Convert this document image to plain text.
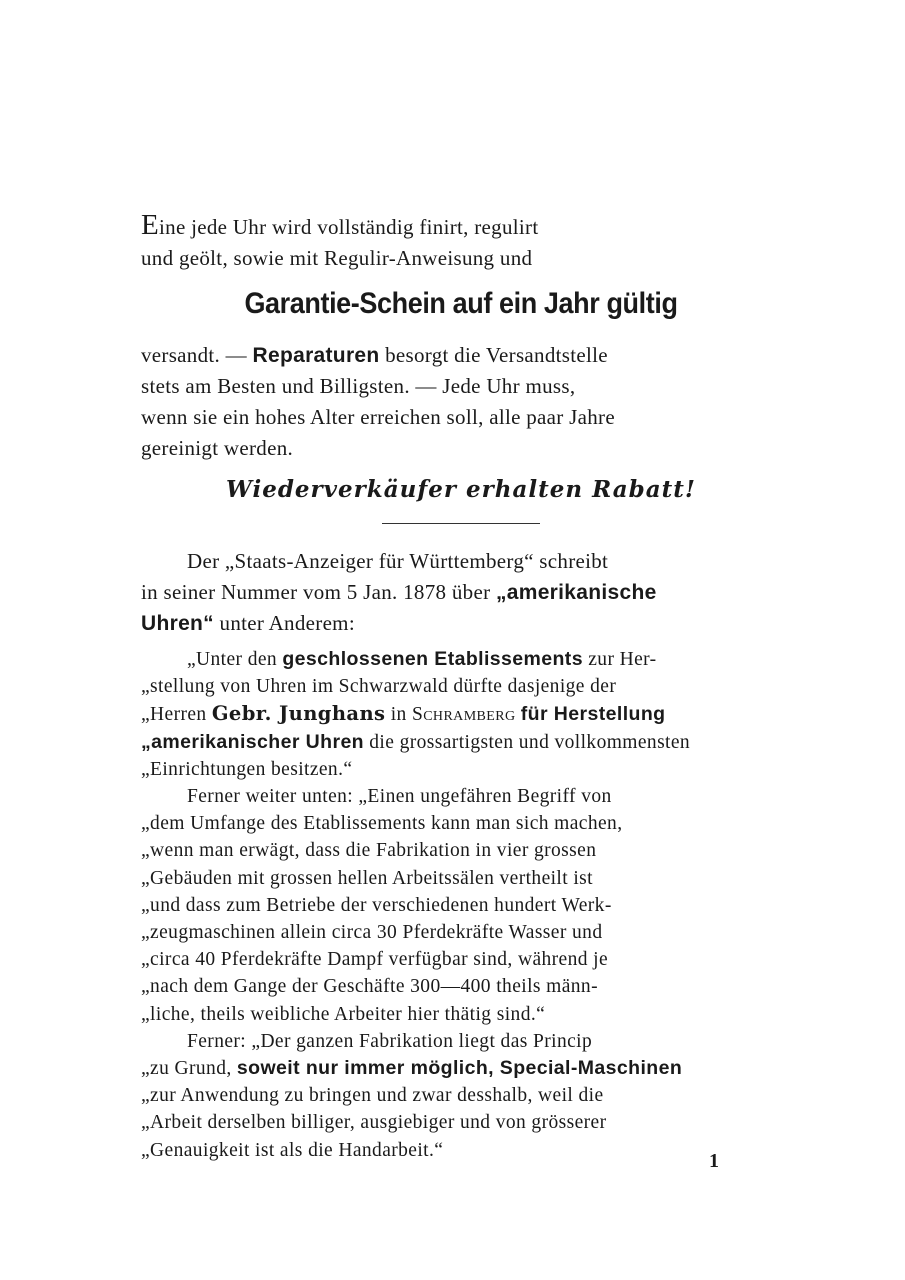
Eine jede Uhr wird vollständig finirt, regulirt
und geölt, sowie mit Regulir-Anweisung und
Garantie-Schein auf ein Jahr gültig
versandt. — Reparaturen besorgt die Versandtstelle
stets am Besten und Billigsten. — Jede Uhr muss,
wenn sie ein hohes Alter erreichen soll, alle paar Jahre
gereinigt werden.
Wiederverkäufer erhalten Rabatt!
Der „Staats-Anzeiger für Württemberg“ schreibt
in seiner Nummer vom 5 Jan. 1878 über „amerikanische
Uhren“ unter Anderem:

„Unter den geschlossenen Etablissements zur Her-
„stellung von Uhren im Schwarzwald dürfte dasjenige der
„Herren Gebr. Junghans in Schramberg für Herstellung
„amerikanischer Uhren die grossartigsten und vollkommensten
„Einrichtungen besitzen.“

Ferner weiter unten: „Einen ungefähren Begriff von
„dem Umfange des Etablissements kann man sich machen,
„wenn man erwägt, dass die Fabrikation in vier grossen
„Gebäuden mit grossen hellen Arbeitssälen vertheilt ist
„und dass zum Betriebe der verschiedenen hundert Werk-
„zeugmaschinen allein circa 30 Pferdekräfte Wasser und
„circa 40 Pferdekräfte Dampf verfügbar sind, während je
„nach dem Gange der Geschäfte 300—400 theils männ-
„liche, theils weibliche Arbeiter hier thätig sind.“

Ferner: „Der ganzen Fabrikation liegt das Princip
„zu Grund, soweit nur immer möglich, Special-Maschinen
„zur Anwendung zu bringen und zwar desshalb, weil die
„Arbeit derselben billiger, ausgiebiger und von grösserer
„Genauigkeit ist als die Handarbeit.“	1
